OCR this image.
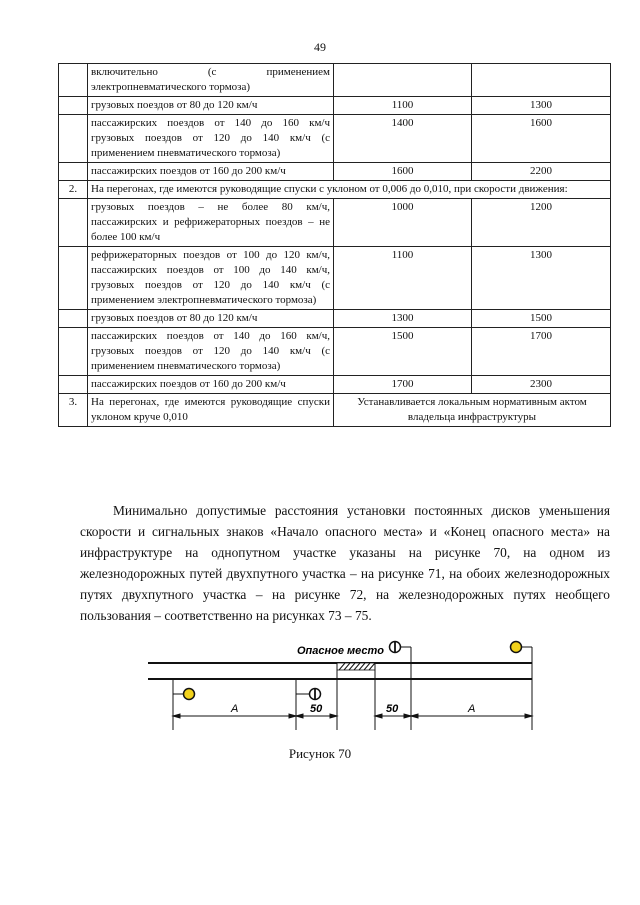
49
	включительно (с применением электропневматического тормоза)		
	грузовых поездов от 80 до 120 км/ч	1100	1300
	пассажирских поездов от 140 до 160 км/ч грузовых поездов от 120 до 140 км/ч (с применением пневматического тормоза)	1400	1600
	пассажирских поездов от 160 до 200 км/ч	1600	2200
2.	На перегонах, где имеются руководящие спуски с уклоном от 0,006 до 0,010, при скорости движения:		
	грузовых поездов – не более 80 км/ч, пассажирских и рефрижераторных поездов – не более 100 км/ч	1000	1200
	рефрижераторных поездов от 100 до 120 км/ч, пассажирских поездов от 100 до 140 км/ч, грузовых поездов от 120 до 140 км/ч (с применением электропневматического тормоза)	1100	1300
	грузовых поездов от 80 до 120 км/ч	1300	1500
	пассажирских поездов от 140 до 160 км/ч, грузовых поездов от 120 до 140 км/ч (с применением пневматического тормоза)	1500	1700
	пассажирских поездов от 160 до 200 км/ч	1700	2300
3.	На перегонах, где имеются руководящие спуски уклоном круче 0,010	Устанавливается локальным нормативным актом владельца инфраструктуры	

Минимально допустимые расстояния установки постоянных дисков уменьшения скорости и сигнальных знаков «Начало опасного места» и «Конец опасного места» на инфраструктуре на однопутном участке указаны на рисунке 70, на одном из железнодорожных путей двухпутного участка – на рисунке 71, на обоих железнодорожных путях двухпутного участка – на рисунке 72, на железнодорожных путях необщего пользования – соответственно на рисунках 73 – 75.

Опасное место
А	50	50	А
Рисунок 70
